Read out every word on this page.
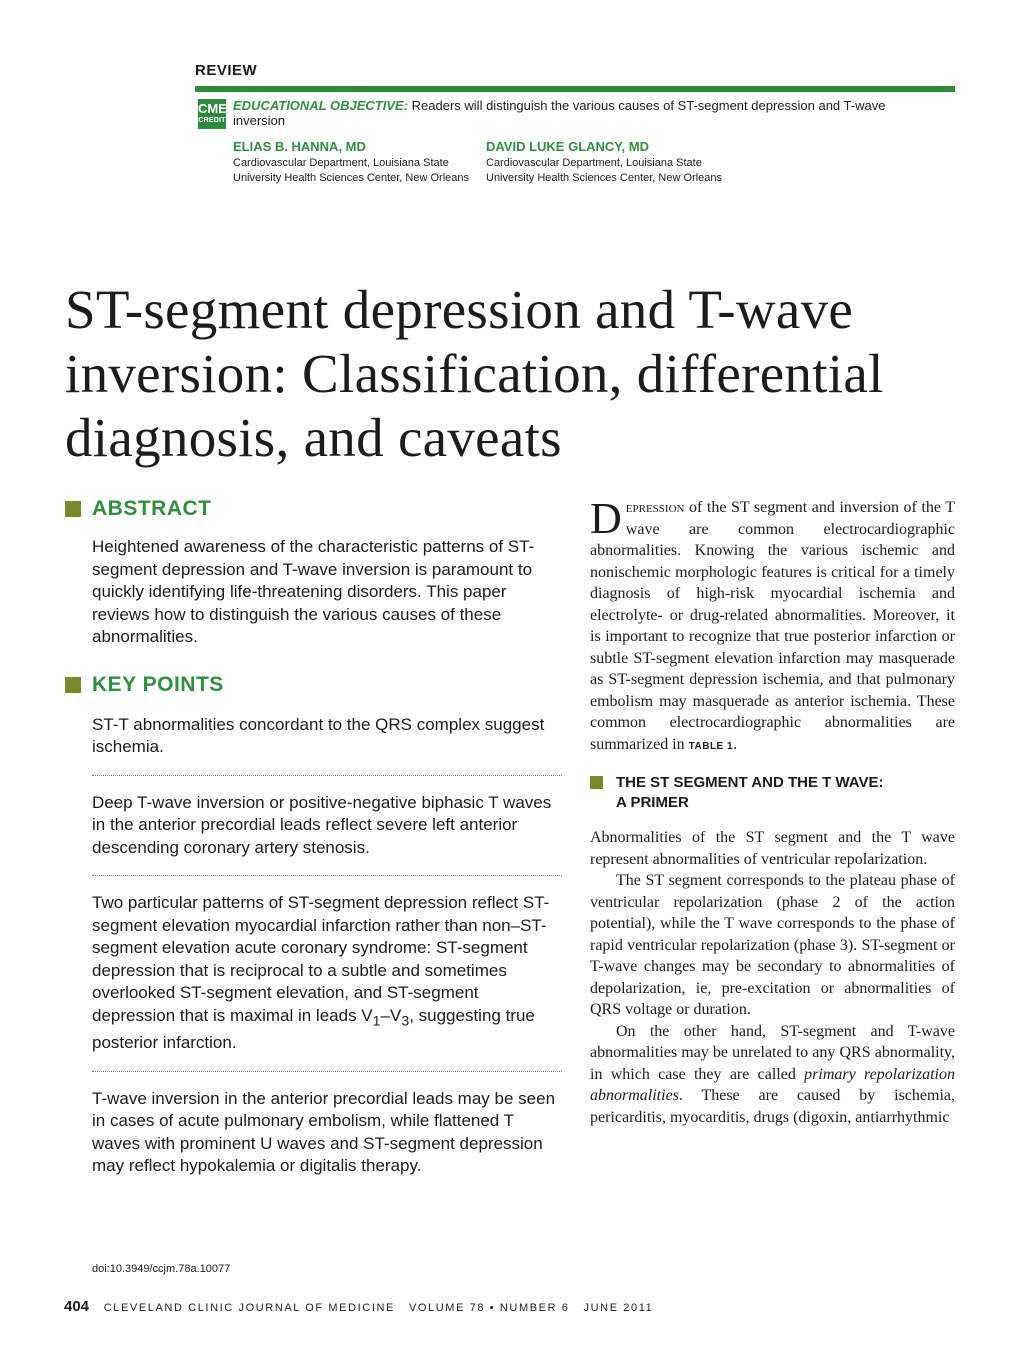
REVIEW
CME
CREDIT
EDUCATIONAL OBJECTIVE: Readers will distinguish the various causes of ST-segment depression and T-wave inversion
ELIAS B. HANNA, MD
Cardiovascular Department, Louisiana State
University Health Sciences Center, New Orleans
DAVID LUKE GLANCY, MD
Cardiovascular Department, Louisiana State
University Health Sciences Center, New Orleans
ST-segment depression and T-wave
inversion: Classification, differential
diagnosis, and caveats
ABSTRACT

Heightened awareness of the characteristic patterns of ST-segment depression and T-wave inversion is paramount to quickly identifying life-threatening disorders. This paper reviews how to distinguish the various causes of these abnormalities.

KEY POINTS

ST-T abnormalities concordant to the QRS complex suggest ischemia.

Deep T-wave inversion or positive-negative biphasic T waves in the anterior precordial leads reflect severe left anterior descending coronary artery stenosis.

Two particular patterns of ST-segment depression reflect ST-segment elevation myocardial infarction rather than non–ST-segment elevation acute coronary syndrome: ST-segment depression that is reciprocal to a subtle and sometimes overlooked ST-segment elevation, and ST-segment depression that is maximal in leads $V_1-V_3$, suggesting true posterior infarction.

T-wave inversion in the anterior precordial leads may be seen in cases of acute pulmonary embolism, while flattened T waves with prominent U waves and ST-segment depression may reflect hypokalemia or digitalis therapy.

doi:10.3949/ccjm.78a.10077

Depression of the ST segment and inversion of the T wave are common electrocardiographic abnormalities. Knowing the various ischemic and nonischemic morphologic features is critical for a timely diagnosis of high-risk myocardial ischemia and electrolyte- or drug-related abnormalities. Moreover, it is important to recognize that true posterior infarction or subtle ST-segment elevation infarction may masquerade as ST-segment depression ischemia, and that pulmonary embolism may masquerade as anterior ischemia. These common electrocardiographic abnormalities are summarized in TABLE 1.

THE ST SEGMENT AND THE T WAVE:
A PRIMER

Abnormalities of the ST segment and the T wave represent abnormalities of ventricular repolarization.

The ST segment corresponds to the plateau phase of ventricular repolarization (phase 2 of the action potential), while the T wave corresponds to the phase of rapid ventricular repolarization (phase 3). ST-segment or T-wave changes may be secondary to abnormalities of depolarization, ie, pre-excitation or abnormalities of QRS voltage or duration.

On the other hand, ST-segment and T-wave abnormalities may be unrelated to any QRS abnormality, in which case they are called primary repolarization abnormalities. These are caused by ischemia, pericarditis, myocarditis, drugs (digoxin, antiarrhythmic

404 CLEVELAND CLINIC JOURNAL OF MEDICINE VOLUME 78 • NUMBER 6 JUNE 2011
